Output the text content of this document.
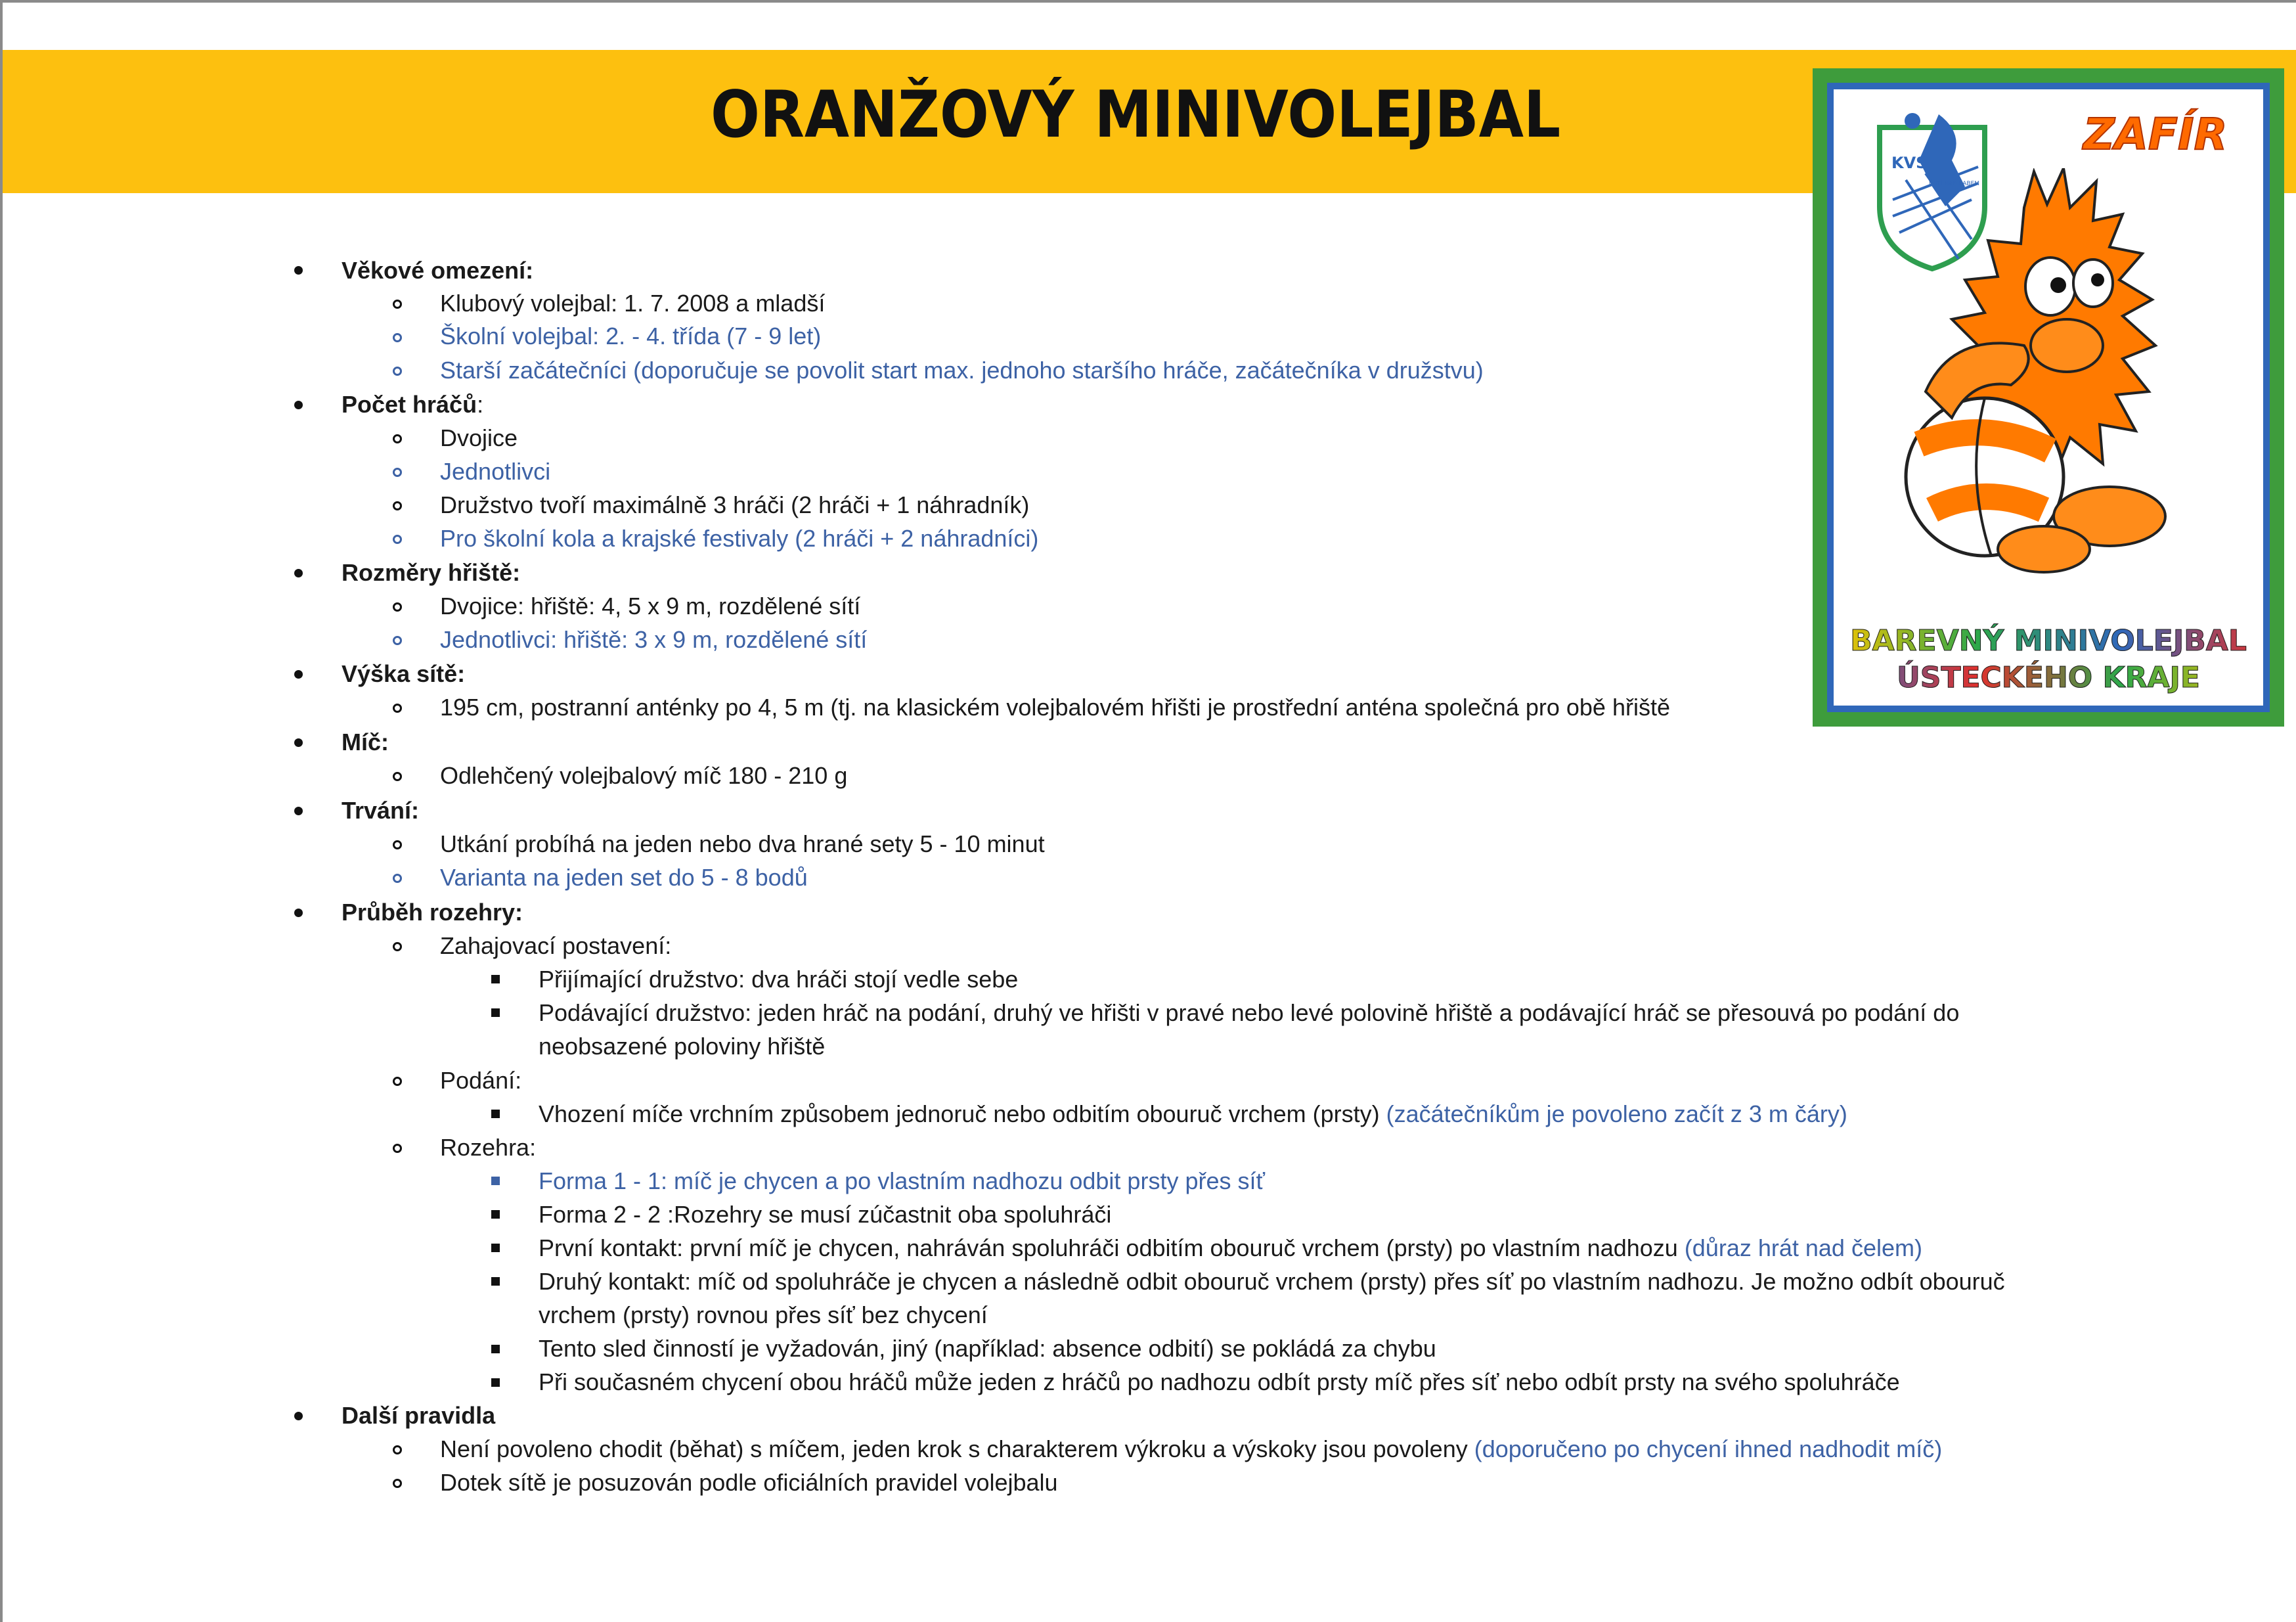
ORANŽOVÝ MINIVOLEJBAL
KVS
ÚSTÍ NAD LABEM
ZAFÍR
BAREVNÝ MINIVOLEJBAL
ÚSTECKÉHO KRAJE
Věkové omezení:
Klubový volejbal: 1. 7. 2008 a mladší
Školní volejbal: 2. - 4. třída (7 - 9 let)
Starší začátečníci (doporučuje se povolit start max. jednoho staršího hráče, začátečníka v družstvu)
Počet hráčů:
Dvojice
Jednotlivci
Družstvo tvoří maximálně 3 hráči (2 hráči + 1 náhradník)
Pro školní kola a krajské festivaly (2 hráči + 2 náhradníci)
Rozměry hřiště:
Dvojice: hřiště: 4, 5 x 9 m, rozdělené sítí
Jednotlivci: hřiště: 3 x 9 m, rozdělené sítí
Výška sítě:
195 cm, postranní anténky po 4, 5 m (tj. na klasickém volejbalovém hřišti je prostřední anténa společná pro obě hřiště
Míč:
Odlehčený volejbalový míč 180 - 210 g
Trvání:
Utkání probíhá na jeden nebo dva hrané sety 5 - 10 minut
Varianta na jeden set do 5 - 8 bodů
Průběh rozehry:
Zahajovací postavení:
Přijímající družstvo: dva hráči stojí vedle sebe
Podávající družstvo: jeden hráč na podání, druhý ve hřišti v pravé nebo levé polovině hřiště a podávající hráč se přesouvá po podání do
neobsazené poloviny hřiště
Podání:
Vhození míče vrchním způsobem jednoruč nebo odbitím obouruč vrchem (prsty) (začátečníkům je povoleno začít z 3 m čáry)
Rozehra:
Forma 1 - 1: míč je chycen a po vlastním nadhozu odbit prsty přes síť
Forma 2 - 2 :Rozehry se musí zúčastnit oba spoluhráči
První kontakt: první míč je chycen, nahráván spoluhráči odbitím obouruč vrchem (prsty) po vlastním nadhozu (důraz hrát nad čelem)
Druhý kontakt: míč od spoluhráče je chycen a následně odbit obouruč vrchem (prsty) přes síť po vlastním nadhozu. Je možno odbít obouruč
vrchem (prsty) rovnou přes síť bez chycení
Tento sled činností je vyžadován, jiný (například: absence odbití) se pokládá za chybu
Při současném chycení obou hráčů může jeden z hráčů po nadhozu odbít prsty míč přes síť nebo odbít prsty na svého spoluhráče
Další pravidla
Není povoleno chodit (běhat) s míčem, jeden krok s charakterem výkroku a výskoky jsou povoleny (doporučeno po chycení ihned nadhodit míč)
Dotek sítě je posuzován podle oficiálních pravidel volejbalu
